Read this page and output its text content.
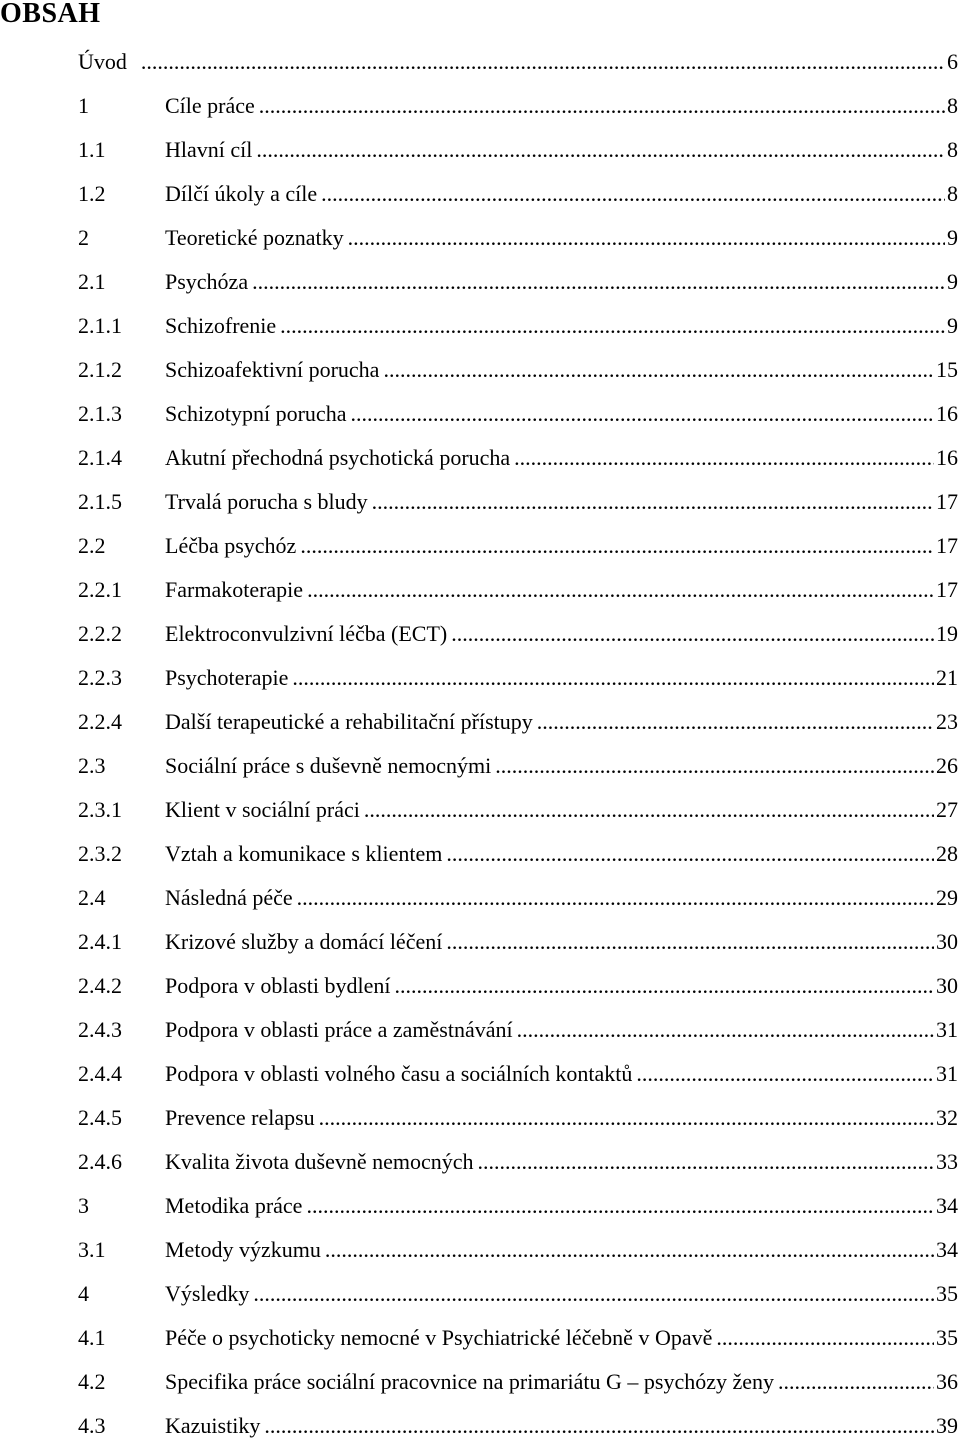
OBSAH
Úvod .....	6
1	Cíle práce .....	8
1.1	Hlavní cíl .....	8
1.2	Dílčí úkoly a cíle .....	8
2	Teoretické poznatky .....	9
2.1	Psychóza .....	9
2.1.1	Schizofrenie .....	9
2.1.2	Schizoafektivní porucha .....	15
2.1.3	Schizotypní porucha .....	16
2.1.4	Akutní přechodná psychotická porucha .....	16
2.1.5	Trvalá porucha s bludy .....	17
2.2	Léčba psychóz .....	17
2.2.1	Farmakoterapie .....	17
2.2.2	Elektroconvulzivní léčba (ECT) .....	19
2.2.3	Psychoterapie .....	21
2.2.4	Další terapeutické a rehabilitační přístupy .....	23
2.3	Sociální práce s duševně nemocnými .....	26
2.3.1	Klient v sociální práci .....	27
2.3.2	Vztah a komunikace s klientem .....	28
2.4	Následná péče .....	29
2.4.1	Krizové služby a domácí léčení .....	30
2.4.2	Podpora v oblasti bydlení .....	30
2.4.3	Podpora v oblasti práce a zaměstnávání .....	31
2.4.4	Podpora v oblasti volného času a sociálních kontaktů .....	31
2.4.5	Prevence relapsu .....	32
2.4.6	Kvalita života duševně nemocných .....	33
3	Metodika práce .....	34
3.1	Metody výzkumu .....	34
4	Výsledky .....	35
4.1	Péče o psychoticky nemocné v Psychiatrické léčebně v Opavě .....	35
4.2	Specifika práce sociální pracovnice na primariátu G – psychózy ženy .....	36
4.3	Kazuistiky .....	39
